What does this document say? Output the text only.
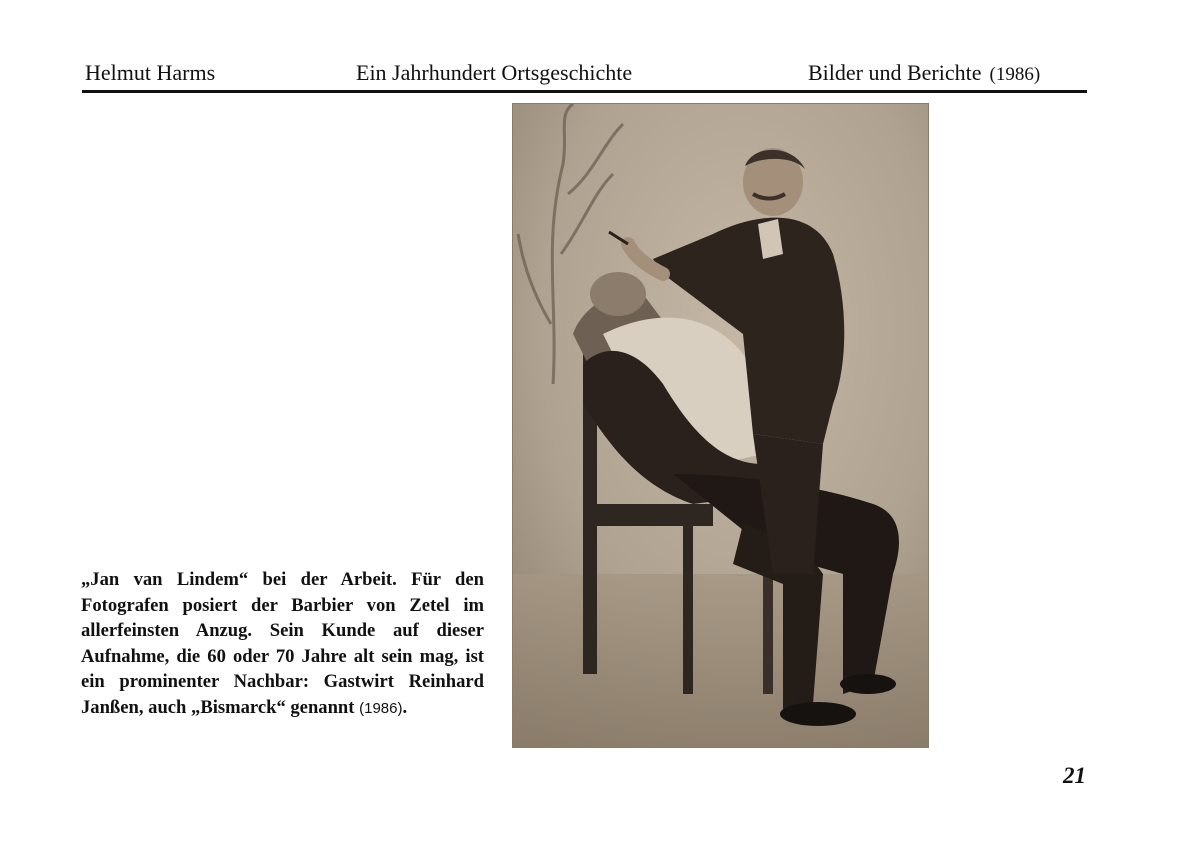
Helmut Harms	Ein Jahrhundert Ortsgeschichte	Bilder und Berichte (1986)
„Jan van Lindem“ bei der Arbeit. Für den Fotografen posiert der Barbier von Zetel im allerfeinsten Anzug. Sein Kunde auf dieser Aufnahme, die 60 oder 70 Jahre alt sein mag, ist ein prominenter Nachbar: Gastwirt Reinhard Janßen, auch „Bismarck“ genannt (1986).
21
